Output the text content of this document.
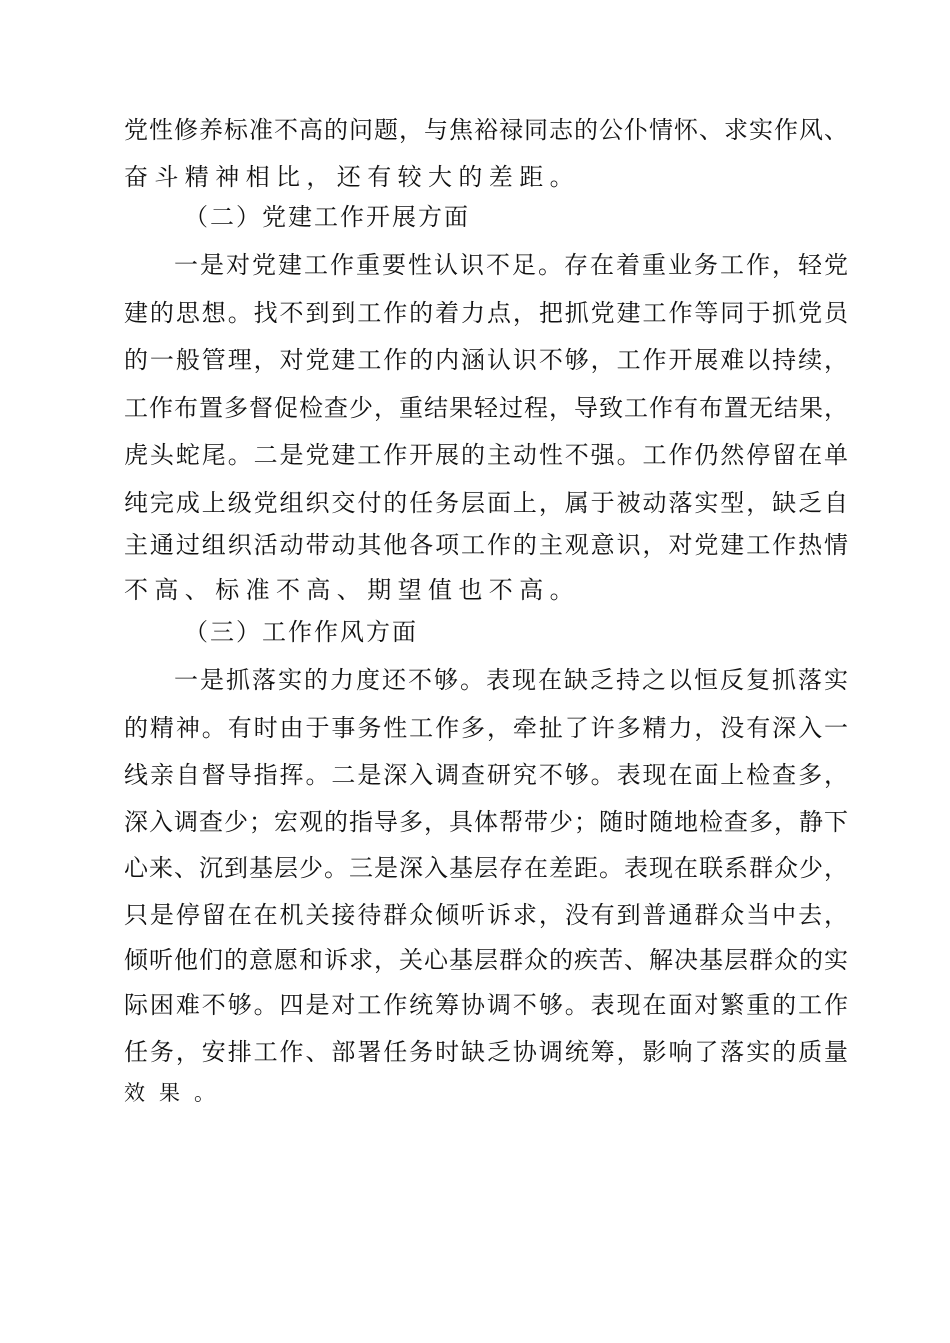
党性修养标准不高的问题，与焦裕禄同志的公仆情怀、求实作风、
奋斗精神相比，还有较大的差距。
（二）党建工作开展方面
一是对党建工作重要性认识不足。存在着重业务工作，轻党
建的思想。找不到到工作的着力点，把抓党建工作等同于抓党员
的一般管理，对党建工作的内涵认识不够，工作开展难以持续，
工作布置多督促检查少，重结果轻过程，导致工作有布置无结果，
虎头蛇尾。二是党建工作开展的主动性不强。工作仍然停留在单
纯完成上级党组织交付的任务层面上，属于被动落实型，缺乏自
主通过组织活动带动其他各项工作的主观意识，对党建工作热情
不高、标准不高、期望值也不高。
（三）工作作风方面
一是抓落实的力度还不够。表现在缺乏持之以恒反复抓落实
的精神。有时由于事务性工作多，牵扯了许多精力，没有深入一
线亲自督导指挥。二是深入调查研究不够。表现在面上检查多，
深入调查少；宏观的指导多，具体帮带少；随时随地检查多，静下
心来、沉到基层少。三是深入基层存在差距。表现在联系群众少，
只是停留在在机关接待群众倾听诉求，没有到普通群众当中去，
倾听他们的意愿和诉求，关心基层群众的疾苦、解决基层群众的实
际困难不够。四是对工作统筹协调不够。表现在面对繁重的工作
任务，安排工作、部署任务时缺乏协调统筹，影响了落实的质量
效果。
